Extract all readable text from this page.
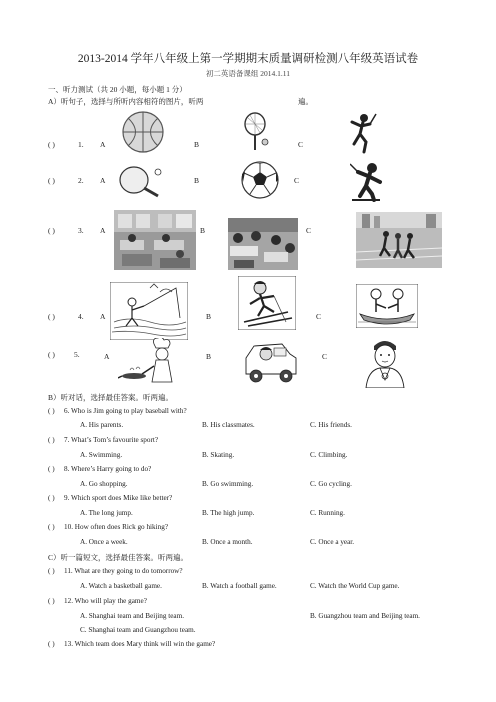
2013-2014 学年八年级上第一学期期末质量调研检测八年级英语试卷
初二英语备课组 2014.1.11
一、听力测试（共 20 小题，每小题 1 分）
A）听句子，选择与所听内容相符的图片，听两	遍。
( )	1. A	B	C
( )	2. A	B	C
( )	3. A	B	C
( )	4. A	B	C
( )	5.	A	B	C
B）听对话，选择最佳答案。听两遍。
( ) 6. Who is Jim going to play baseball with?
A. His parents.	B. His classmates.	C. His friends.
( ) 7. What’s Tom’s favourite sport?
A. Swimming.	B. Skating.	C. Climbing.
( ) 8. Where’s Harry going to do?
A. Go shopping.	B. Go swimming.	C. Go cycling.
( ) 9. Which sport does Mike like better?
A. The long jump.	B. The high jump.	C. Running.
( ) 10. How often does Rick go hiking?
A. Once a week.	B. Once a month.	C. Once a year.
C）听一篇短文，选择最佳答案。听两遍。
( ) 11. What are they going to do tomorrow?
A. Watch a basketball game.	B. Watch a football game.	C. Watch the World Cup game.
( ) 12. Who will play the game?
A. Shanghai team and Beijing team.	B. Guangzhou team and Beijing team.
C. Shanghai team and Guangzhou team.
( ) 13. Which team does Mary think will win the game?
